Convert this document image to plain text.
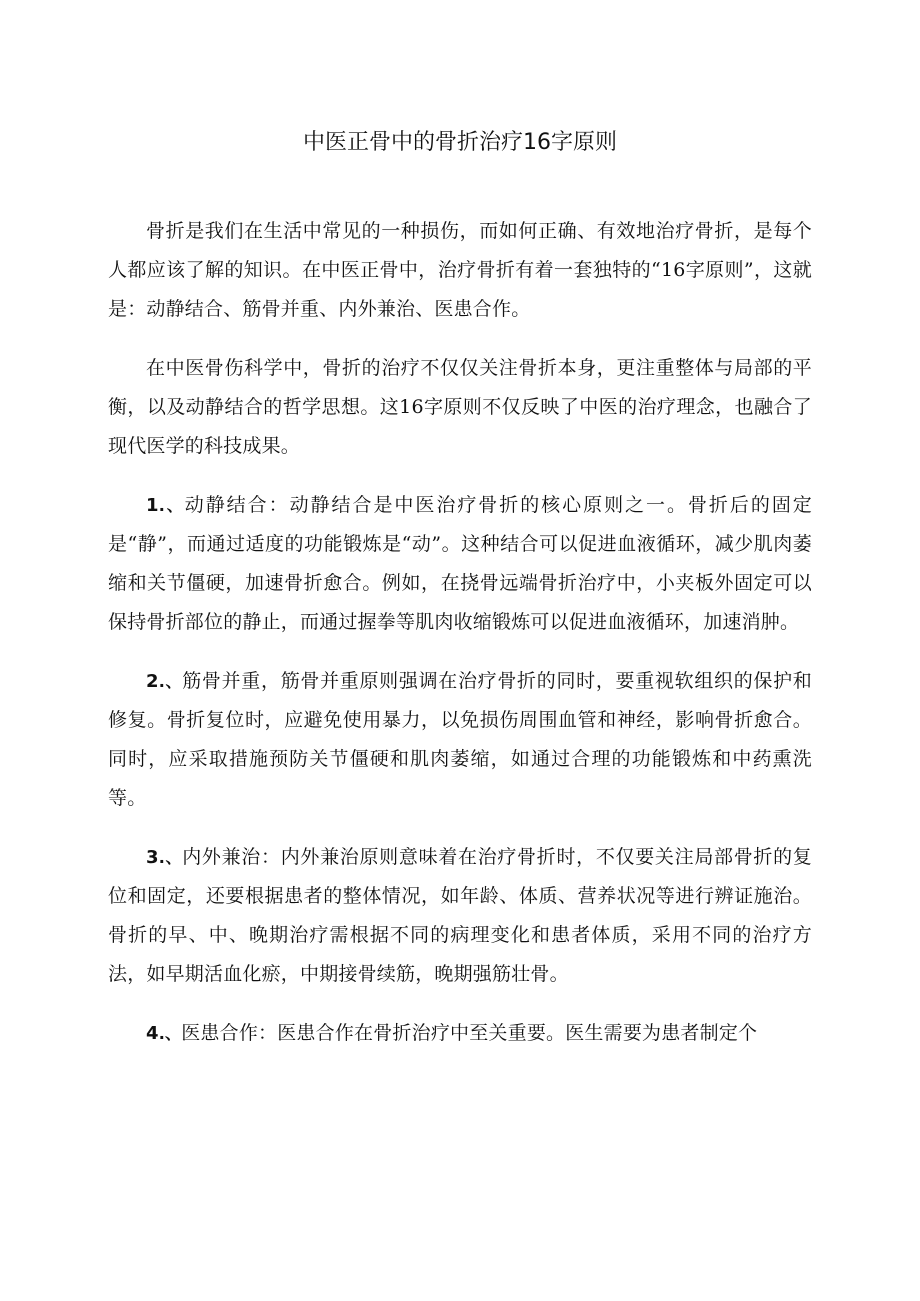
中医正骨中的骨折治疗16字原则

骨折是我们在生活中常见的一种损伤，而如何正确、有效地治疗骨折，是每个人都应该了解的知识。在中医正骨中，治疗骨折有着一套独特的“16字原则”，这就是：动静结合、筋骨并重、内外兼治、医患合作。

在中医骨伤科学中，骨折的治疗不仅仅关注骨折本身，更注重整体与局部的平衡，以及动静结合的哲学思想。这16字原则不仅反映了中医的治疗理念，也融合了现代医学的科技成果。

1.、动静结合：动静结合是中医治疗骨折的核心原则之一。骨折后的固定是“静”，而通过适度的功能锻炼是“动”。这种结合可以促进血液循环，减少肌肉萎缩和关节僵硬，加速骨折愈合。例如，在挠骨远端骨折治疗中，小夹板外固定可以保持骨折部位的静止，而通过握拳等肌肉收缩锻炼可以促进血液循环，加速消肿。

2.、筋骨并重，筋骨并重原则强调在治疗骨折的同时，要重视软组织的保护和修复。骨折复位时，应避免使用暴力，以免损伤周围血管和神经，影响骨折愈合。同时，应采取措施预防关节僵硬和肌肉萎缩，如通过合理的功能锻炼和中药熏洗等。

3.、内外兼治：内外兼治原则意味着在治疗骨折时，不仅要关注局部骨折的复位和固定，还要根据患者的整体情况，如年龄、体质、营养状况等进行辨证施治。骨折的早、中、晚期治疗需根据不同的病理变化和患者体质，采用不同的治疗方法，如早期活血化瘀，中期接骨续筋，晚期强筋壮骨。

4.、医患合作：医患合作在骨折治疗中至关重要。医生需要为患者制定个
